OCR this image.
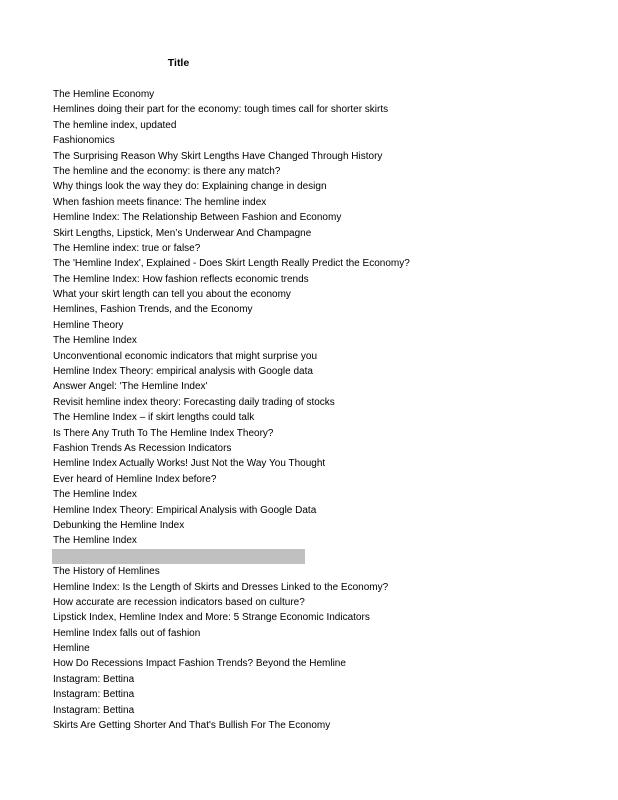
Title
The Hemline Economy
Hemlines doing their part for the economy: tough times call for shorter skirts
The hemline index, updated
Fashionomics
The Surprising Reason Why Skirt Lengths Have Changed Through History
The hemline and the economy: is there any match?
Why things look the way they do: Explaining change in design
When fashion meets finance: The hemline index
Hemline Index: The Relationship Between Fashion and Economy
Skirt Lengths, Lipstick, Men’s Underwear And Champagne
The Hemline index: true or false?
The 'Hemline Index', Explained - Does Skirt Length Really Predict the Economy?
The Hemline Index: How fashion reflects economic trends
What your skirt length can tell you about the economy
Hemlines, Fashion Trends, and the Economy
Hemline Theory
The Hemline Index
Unconventional economic indicators that might surprise you
Hemline Index Theory: empirical analysis with Google data
Answer Angel: 'The Hemline Index'
Revisit hemline index theory: Forecasting daily trading of stocks
The Hemline Index – if skirt lengths could talk
Is There Any Truth To The Hemline Index Theory?
Fashion Trends As Recession Indicators
Hemline Index Actually Works! Just Not the Way You Thought
Ever heard of Hemline Index before?
The Hemline Index
Hemline Index Theory: Empirical Analysis with Google Data
Debunking the Hemline Index
The Hemline Index
The History of Hemlines
Hemline Index: Is the Length of Skirts and Dresses Linked to the Economy?
How accurate are recession indicators based on culture?
Lipstick Index, Hemline Index and More: 5 Strange Economic Indicators
Hemline Index falls out of fashion
Hemline
How Do Recessions Impact Fashion Trends? Beyond the Hemline
Instagram: Bettina
Instagram: Bettina
Instagram: Bettina
Skirts Are Getting Shorter And That's Bullish For The Economy
